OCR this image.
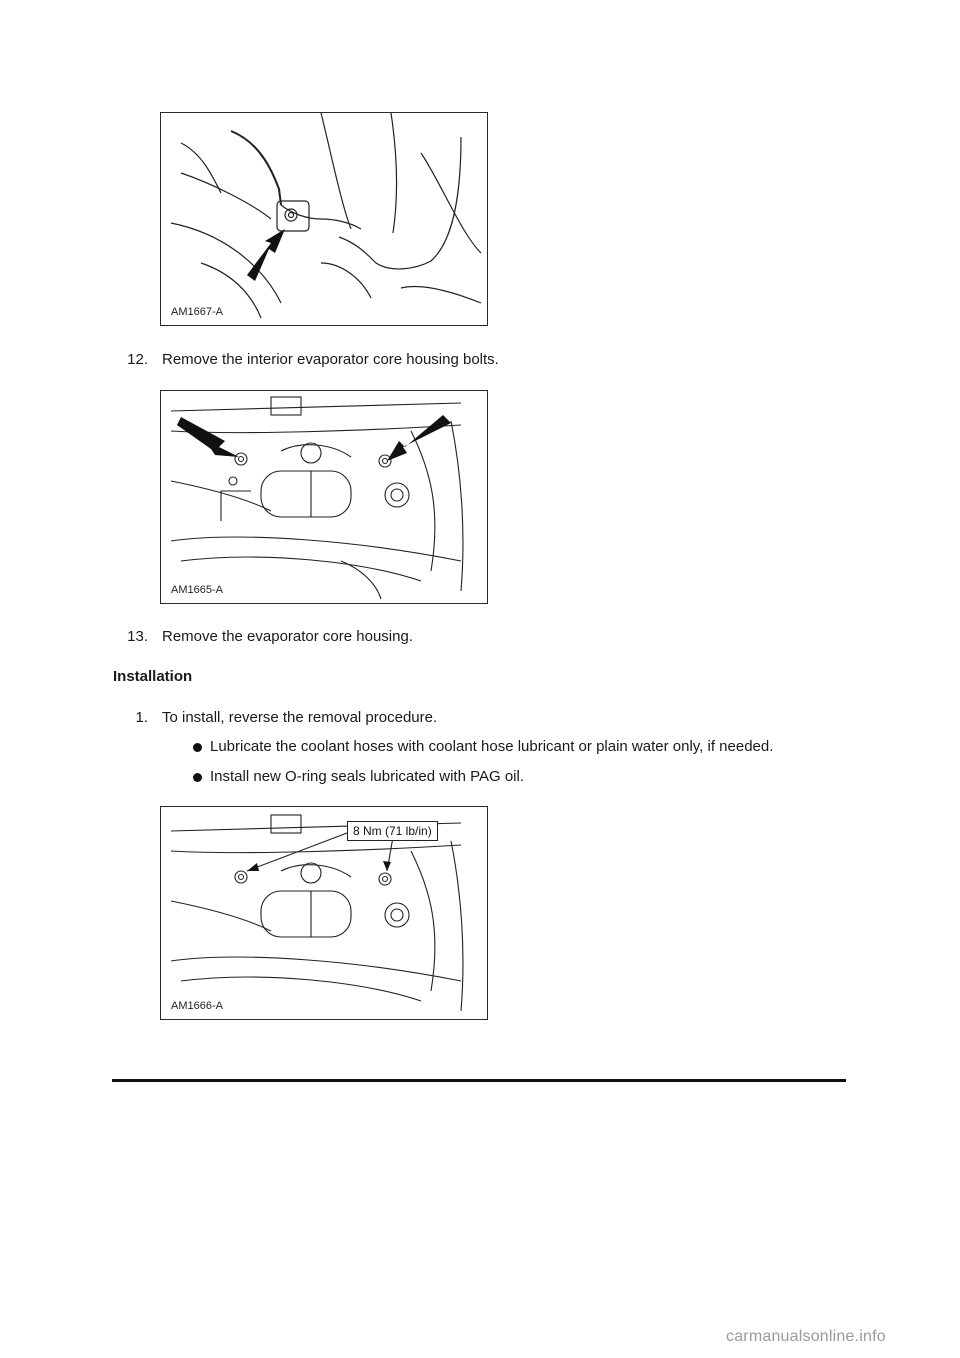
AM1667-A
12. Remove the interior evaporator core housing bolts.
AM1665-A
13. Remove the evaporator core housing.
Installation
1. To install, reverse the removal procedure.
Lubricate the coolant hoses with coolant hose lubricant or plain water only, if needed.
Install new O-ring seals lubricated with PAG oil.
8 Nm (71 lb/in)
AM1666-A
carmanualsonline.info
